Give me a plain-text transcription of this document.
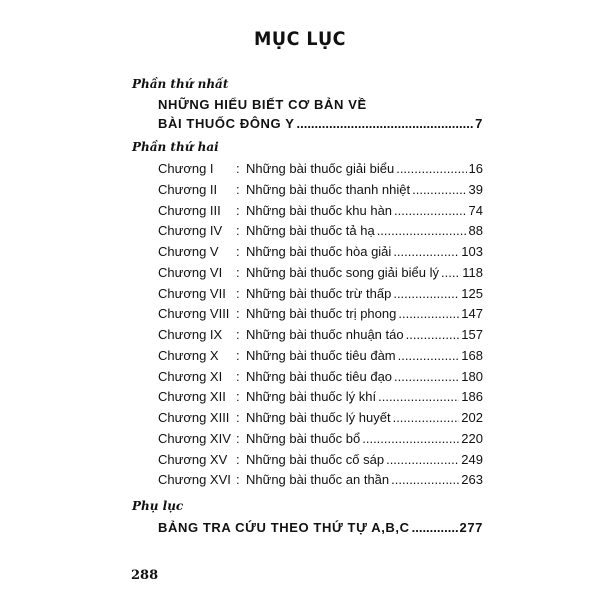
MỤC LỤC
Phần thứ nhất
NHỮNG HIỂU BIẾT CƠ BẢN VỀ
BÀI THUỐC ĐÔNG Y .....	7
Phần thứ hai
Chương I	: Những bài thuốc giải biểu .....	16
Chương II	: Những bài thuốc thanh nhiệt .....	39
Chương III	: Những bài thuốc khu hàn .....	74
Chương IV	: Những bài thuốc tả hạ .....	88
Chương V	: Những bài thuốc hòa giải .....	103
Chương VI	: Những bài thuốc song giải biểu lý ..... 118
Chương VII : Những bài thuốc trừ thấp .....	125
Chương VIII : Những bài thuốc trị phong .....	147
Chương IX	: Những bài thuốc nhuận táo .....	157
Chương X	: Những bài thuốc tiêu đàm .....	168
Chương XI	: Những bài thuốc tiêu đạo .....	180
Chương XII : Những bài thuốc lý khí .....	186
Chương XIII : Những bài thuốc lý huyết .....	202
Chương XIV : Những bài thuốc bổ .....	220
Chương XV : Những bài thuốc cố sáp .....	249
Chương XVI : Những bài thuốc an thần .....	263
Phụ lục
BẢNG TRA CỨU THEO THỨ TỰ A,B,C .....	277
288
